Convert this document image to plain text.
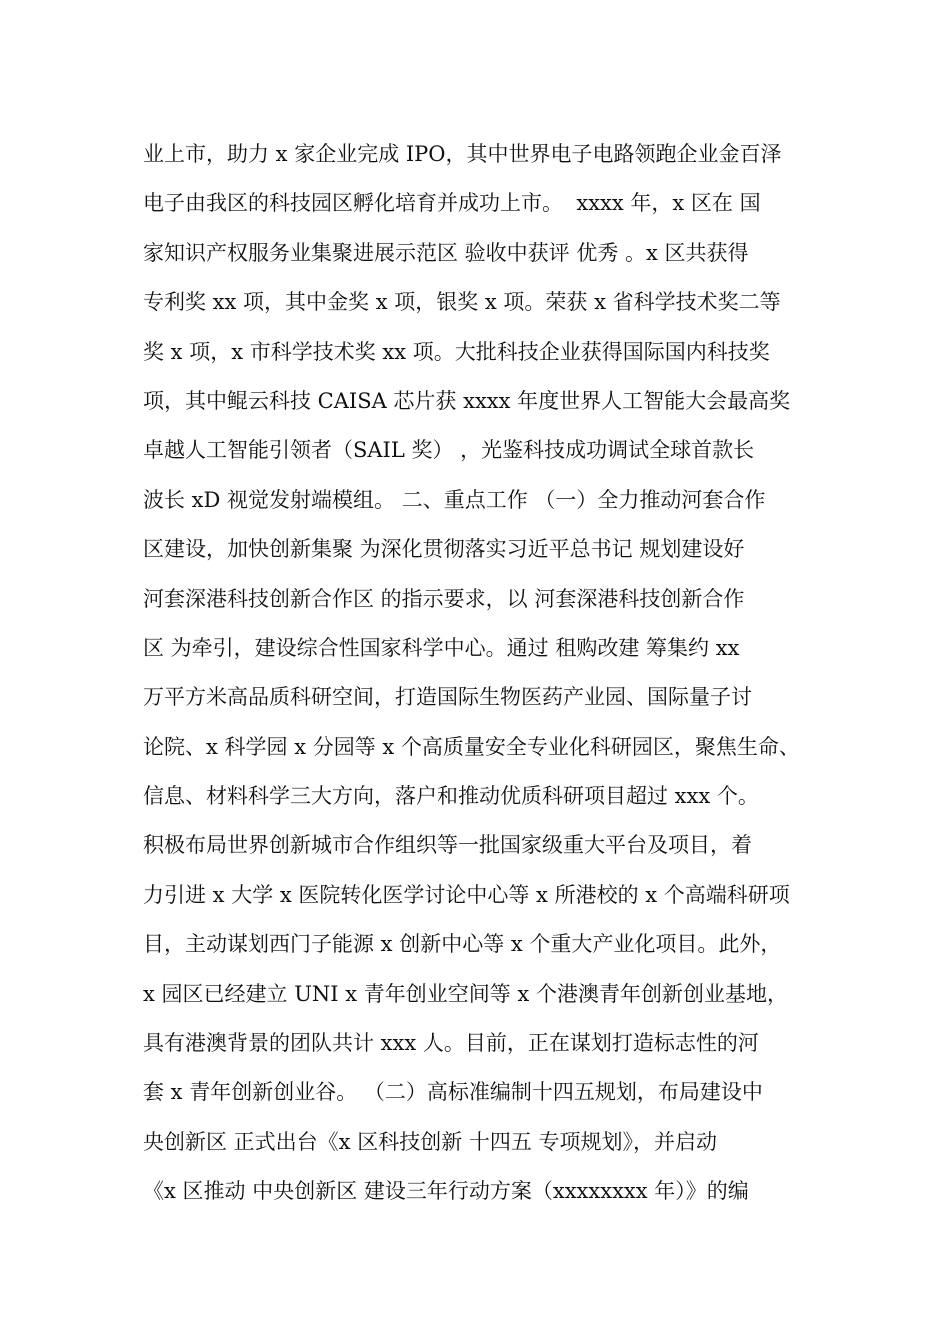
业上市，助力 x 家企业完成 IPO，其中世界电子电路领跑企业金百泽
电子由我区的科技园区孵化培育并成功上市。  xxxx 年，x 区在 国
家知识产权服务业集聚进展示范区 验收中获评 优秀 。x 区共获得
专利奖 xx 项，其中金奖 x 项，银奖 x 项。荣获 x 省科学技术奖二等
奖 x 项，x 市科学技术奖 xx 项。大批科技企业获得国际国内科技奖
项，其中鲲云科技 CAISA 芯片获 xxxx 年度世界人工智能大会最高奖
卓越人工智能引领者（SAIL 奖） ，光鉴科技成功调试全球首款长
波长 xD 视觉发射端模组。 二、重点工作 （一）全力推动河套合作
区建设，加快创新集聚 为深化贯彻落实习近平总书记 规划建设好
河套深港科技创新合作区 的指示要求，以 河套深港科技创新合作
区 为牵引，建设综合性国家科学中心。通过 租购改建 筹集约 xx
万平方米高品质科研空间，打造国际生物医药产业园、国际量子讨
论院、x 科学园 x 分园等 x 个高质量安全专业化科研园区，聚焦生命、
信息、材料科学三大方向，落户和推动优质科研项目超过 xxx 个。
积极布局世界创新城市合作组织等一批国家级重大平台及项目，着
力引进 x 大学 x 医院转化医学讨论中心等 x 所港校的 x 个高端科研项
目，主动谋划西门子能源 x 创新中心等 x 个重大产业化项目。此外，
x 园区已经建立 UNI x 青年创业空间等 x 个港澳青年创新创业基地，
具有港澳背景的团队共计 xxx 人。目前，正在谋划打造标志性的河
套 x 青年创新创业谷。 （二）高标准编制十四五规划，布局建设中
央创新区 正式出台《x 区科技创新 十四五 专项规划》，并启动
《x 区推动 中央创新区 建设三年行动方案（xxxxxxxx 年）》的编
